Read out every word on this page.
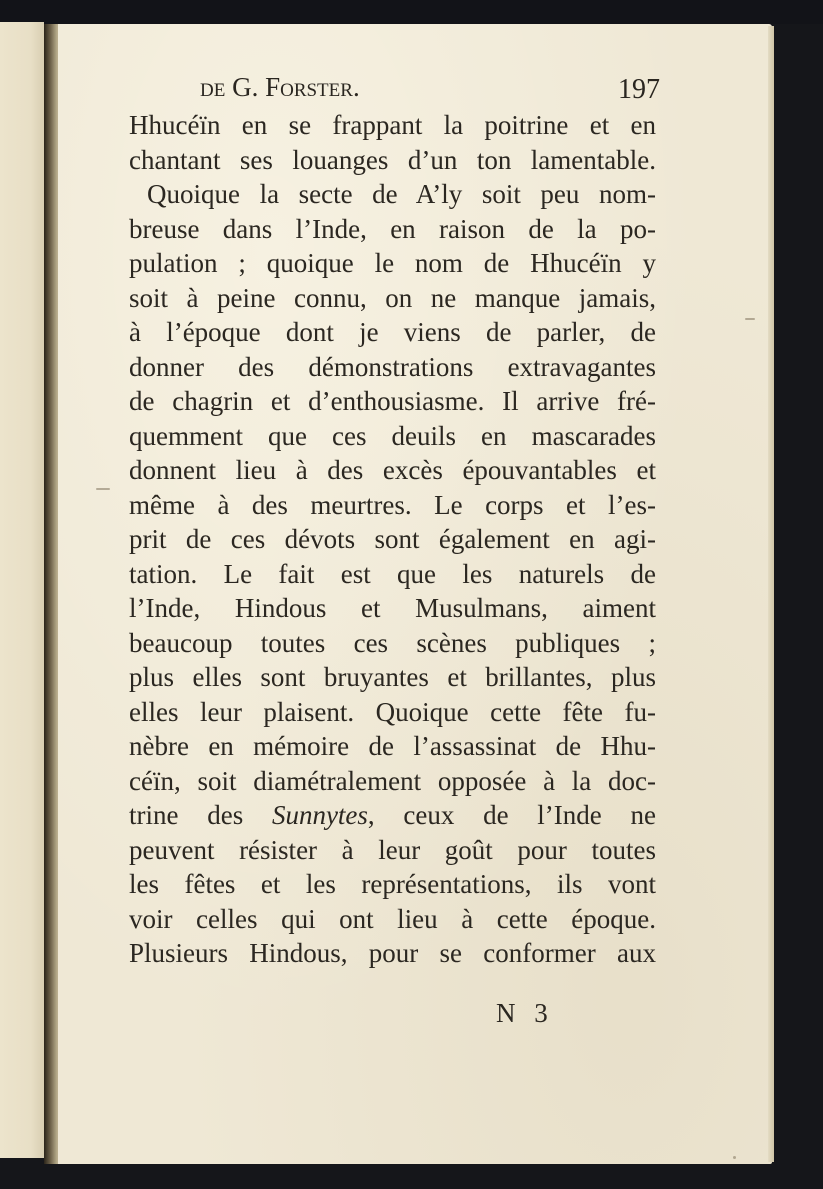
de G. Forster.	197
Hhucéïn en se frappant la poitrine et en
chantant ses louanges d’un ton lamentable.
Quoique la secte de A’ly soit peu nom-
breuse dans l’Inde, en raison de la po-
pulation ; quoique le nom de Hhucéïn y
soit à peine connu, on ne manque jamais,
à l’époque dont je viens de parler, de
donner des démonstrations extravagantes
de chagrin et d’enthousiasme. Il arrive fré-
quemment que ces deuils en mascarades
donnent lieu à des excès épouvantables et
même à des meurtres. Le corps et l’es-
prit de ces dévots sont également en agi-
tation. Le fait est que les naturels de
l’Inde, Hindous et Musulmans, aiment
beaucoup toutes ces scènes publiques ;
plus elles sont bruyantes et brillantes, plus
elles leur plaisent. Quoique cette fête fu-
nèbre en mémoire de l’assassinat de Hhu-
céïn, soit diamétralement opposée à la doc-
trine des Sunnytes, ceux de l’Inde ne
peuvent résister à leur goût pour toutes
les fêtes et les représentations, ils vont
voir celles qui ont lieu à cette époque.
Plusieurs Hindous, pour se conformer aux
N 3
